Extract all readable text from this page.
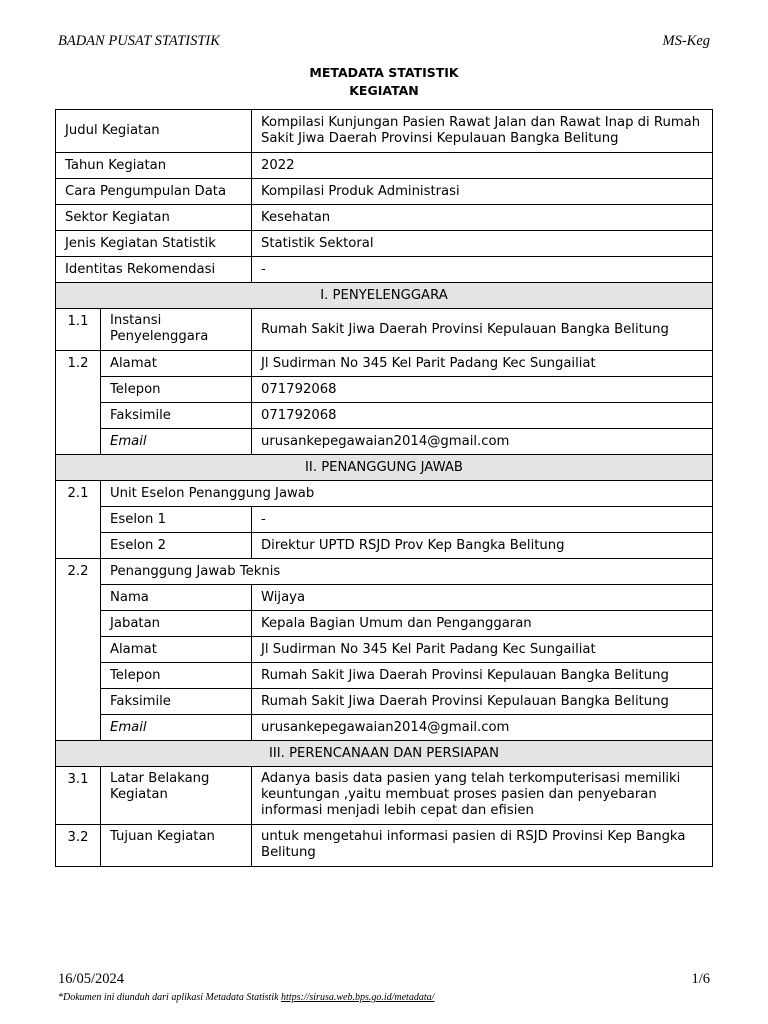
BADAN PUSAT STATISTIK	MS-Keg
METADATA STATISTIK
KEGIATAN
Judul Kegiatan		Kompilasi Kunjungan Pasien Rawat Jalan dan Rawat Inap di Rumah Sakit Jiwa Daerah Provinsi Kepulauan Bangka Belitung
Tahun Kegiatan		2022
Cara Pengumpulan Data		Kompilasi Produk Administrasi
Sektor Kegiatan		Kesehatan
Jenis Kegiatan Statistik		Statistik Sektoral
Identitas Rekomendasi		-
I. PENYELENGGARA		
1.1	Instansi Penyelenggara	Rumah Sakit Jiwa Daerah Provinsi Kepulauan Bangka Belitung
1.2	Alamat	Jl Sudirman No 345 Kel Parit Padang Kec Sungailiat
	Telepon	071792068
	Faksimile	071792068
	Email	urusankepegawaian2014@gmail.com
II. PENANGGUNG JAWAB		
2.1	Unit Eselon Penanggung Jawab	
	Eselon 1	-
	Eselon 2	Direktur UPTD RSJD Prov Kep Bangka Belitung
2.2	Penanggung Jawab Teknis	
	Nama	Wijaya
	Jabatan	Kepala Bagian Umum dan Penganggaran
	Alamat	Jl Sudirman No 345 Kel Parit Padang Kec Sungailiat
	Telepon	Rumah Sakit Jiwa Daerah Provinsi Kepulauan Bangka Belitung
	Faksimile	Rumah Sakit Jiwa Daerah Provinsi Kepulauan Bangka Belitung
	Email	urusankepegawaian2014@gmail.com
III. PERENCANAAN DAN PERSIAPAN		
3.1	Latar Belakang Kegiatan	Adanya basis data pasien yang telah terkomputerisasi memiliki keuntungan ,yaitu membuat proses pasien dan penyebaran informasi menjadi lebih cepat dan efisien
3.2	Tujuan Kegiatan	untuk mengetahui informasi pasien di RSJD Provinsi Kep Bangka Belitung
16/05/2024	1/6
*Dokumen ini diunduh dari aplikasi Metadata Statistik https://sirusa.web.bps.go.id/metadata/
